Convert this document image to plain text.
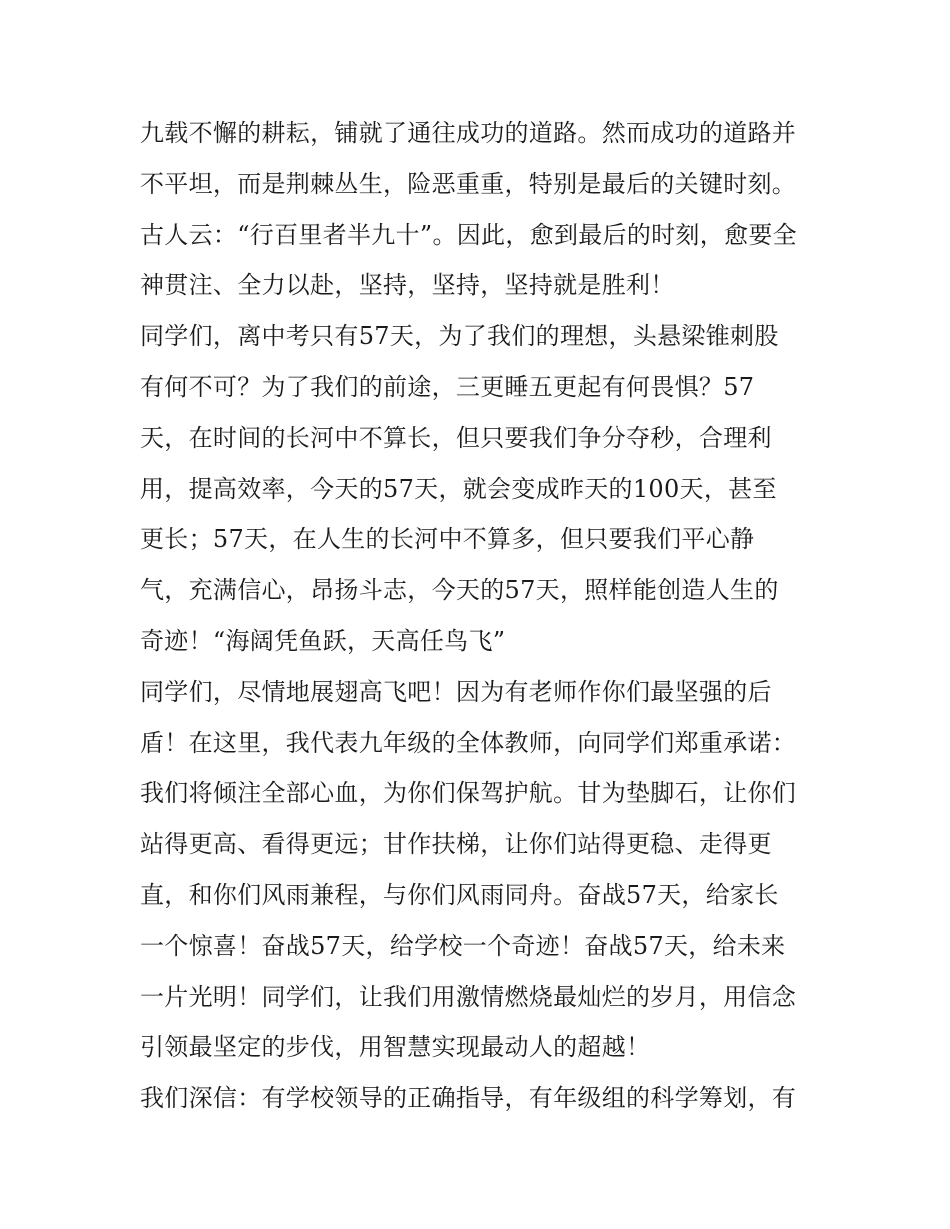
九载不懈的耕耘，铺就了通往成功的道路。然而成功的道路并
不平坦，而是荆棘丛生，险恶重重，特别是最后的关键时刻。
古人云：“行百里者半九十”。因此，愈到最后的时刻，愈要全
神贯注、全力以赴，坚持，坚持，坚持就是胜利！
同学们，离中考只有57天，为了我们的理想，头悬梁锥刺股
有何不可？为了我们的前途，三更睡五更起有何畏惧？57
天，在时间的长河中不算长，但只要我们争分夺秒，合理利
用，提高效率，今天的57天，就会变成昨天的100天，甚至
更长；57天，在人生的长河中不算多，但只要我们平心静
气，充满信心，昂扬斗志，今天的57天，照样能创造人生的
奇迹！“海阔凭鱼跃，天高任鸟飞”
同学们，尽情地展翅高飞吧！因为有老师作你们最坚强的后
盾！在这里，我代表九年级的全体教师，向同学们郑重承诺：
我们将倾注全部心血，为你们保驾护航。甘为垫脚石，让你们
站得更高、看得更远；甘作扶梯，让你们站得更稳、走得更
直，和你们风雨兼程，与你们风雨同舟。奋战57天，给家长
一个惊喜！奋战57天，给学校一个奇迹！奋战57天，给未来
一片光明！同学们，让我们用激情燃烧最灿烂的岁月，用信念
引领最坚定的步伐，用智慧实现最动人的超越！
我们深信：有学校领导的正确指导，有年级组的科学筹划，有
